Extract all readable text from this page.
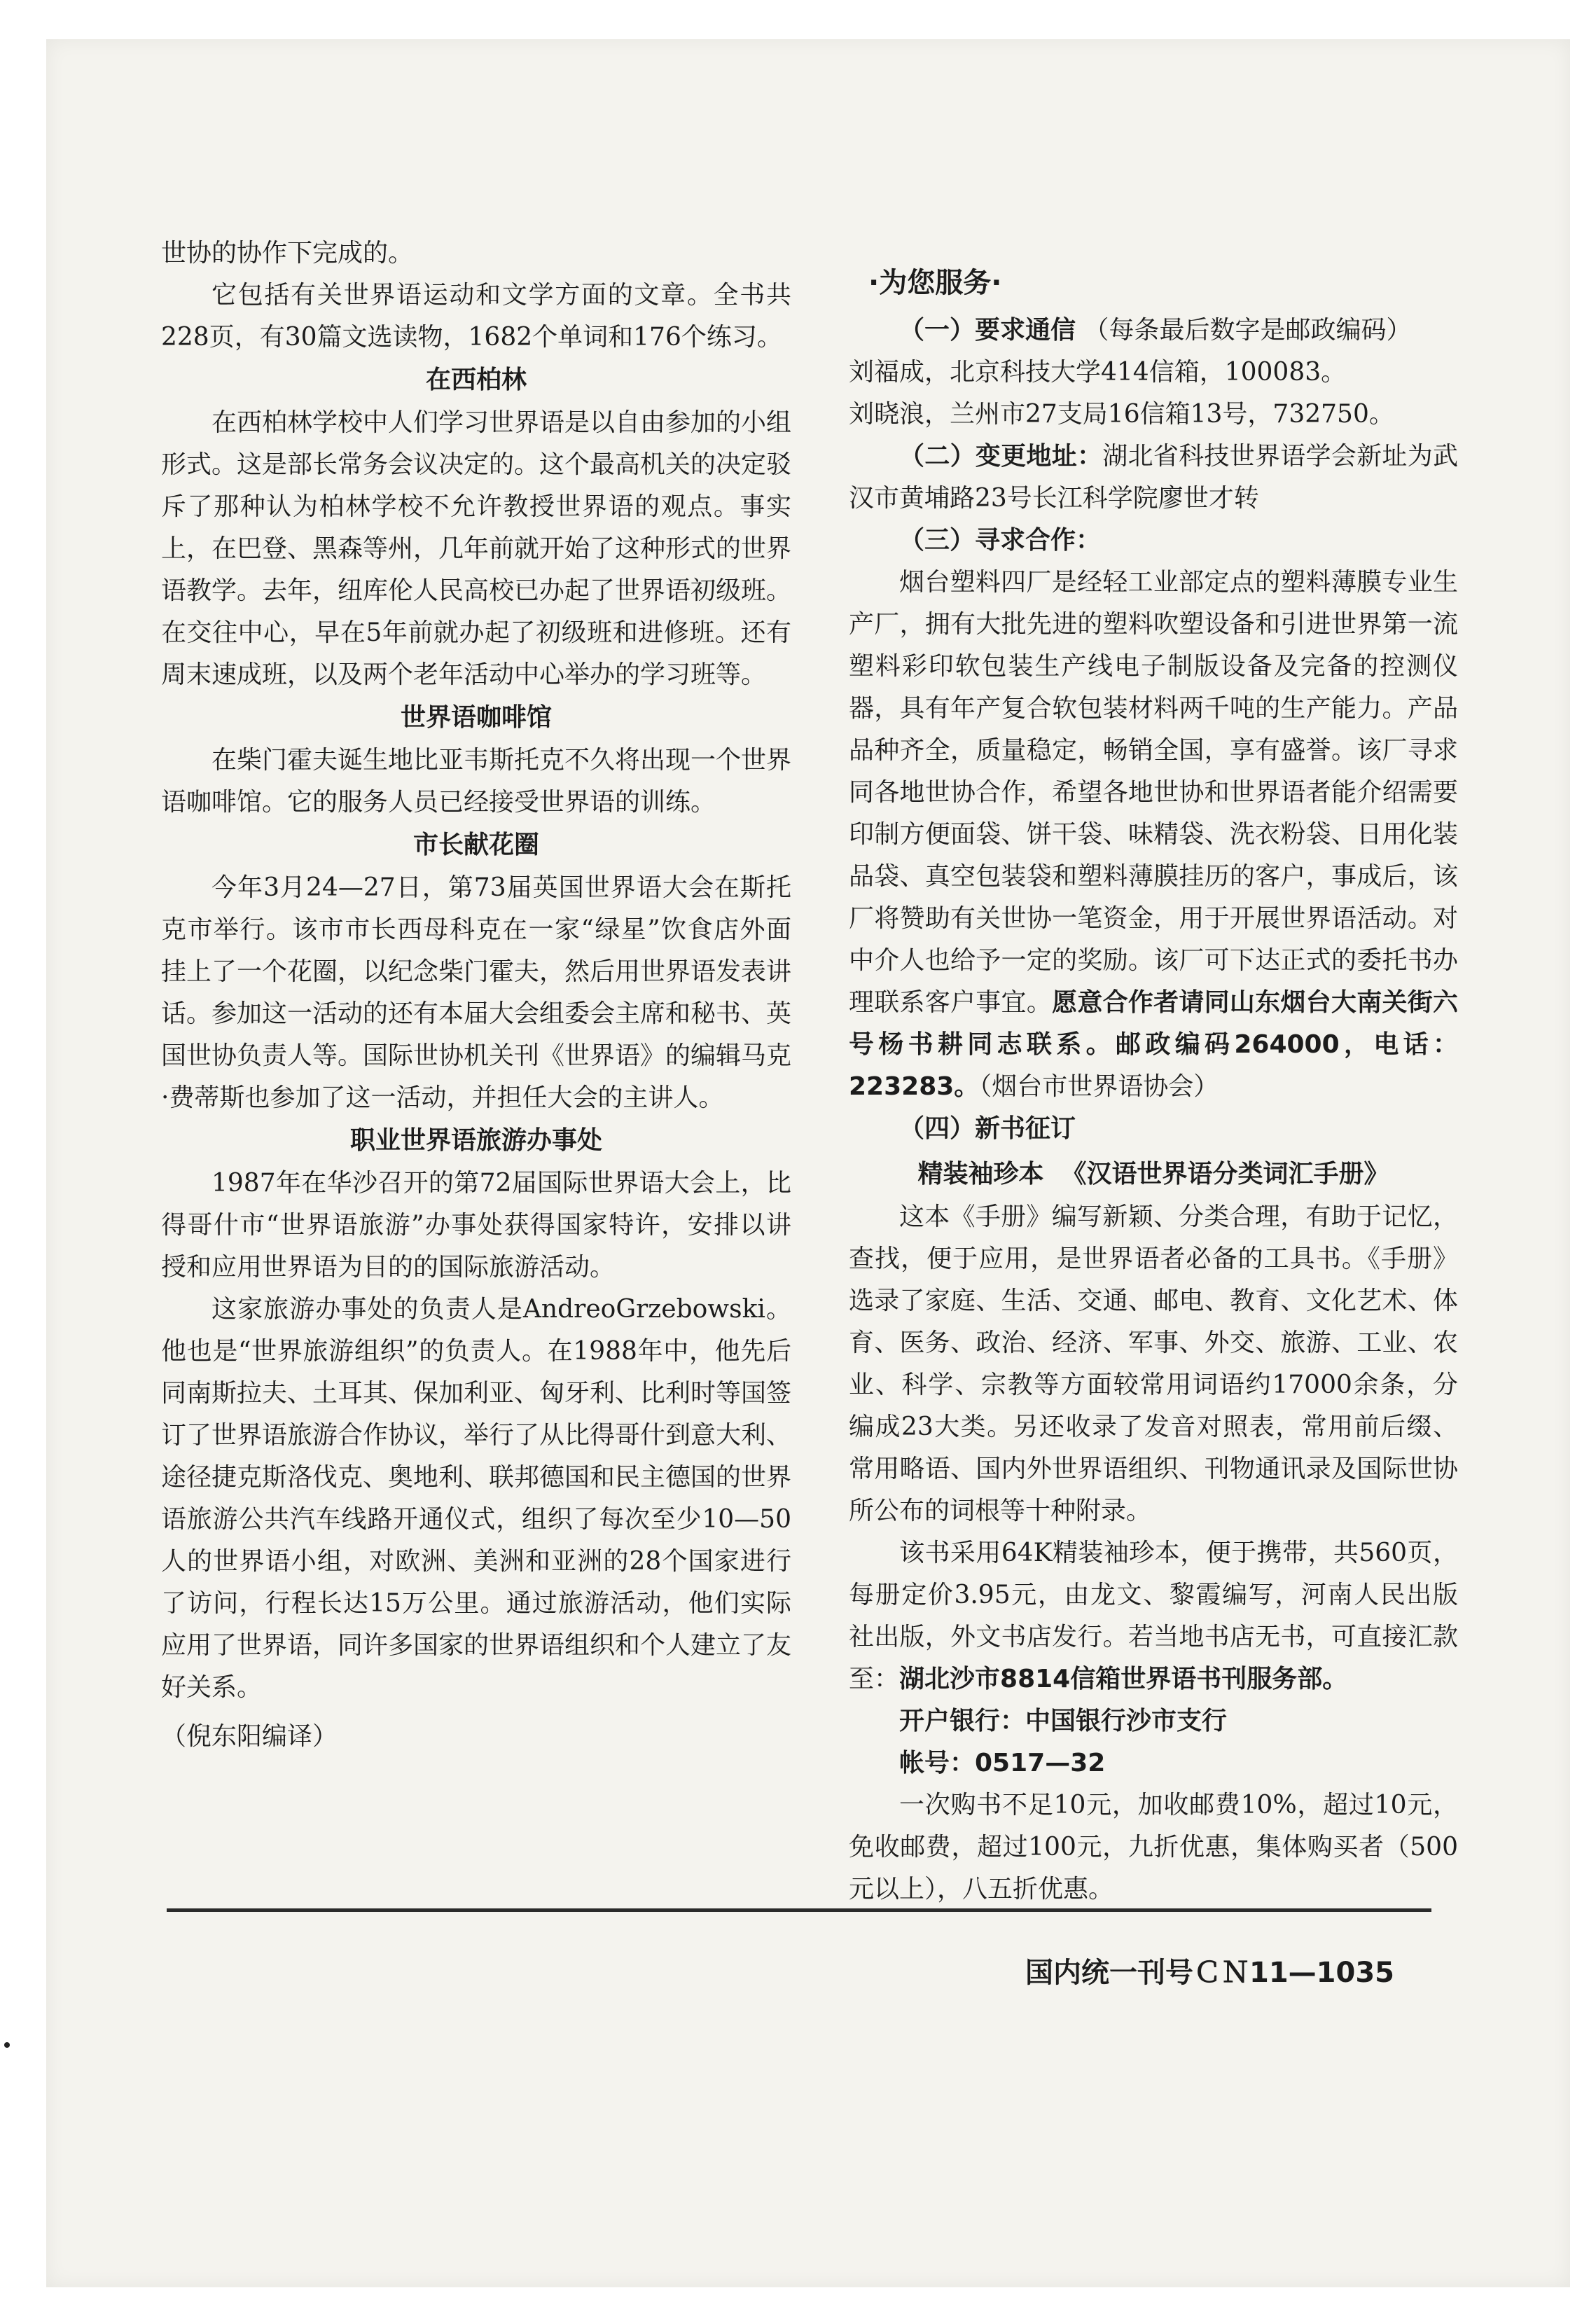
世协的协作下完成的。

它包括有关世界语运动和文学方面的文章。全书共228页，有30篇文选读物，1682个单词和176个练习。

在西柏林

在西柏林学校中人们学习世界语是以自由参加的小组形式。这是部长常务会议决定的。这个最高机关的决定驳斥了那种认为柏林学校不允许教授世界语的观点。事实上，在巴登、黑森等州，几年前就开始了这种形式的世界语教学。去年，纽库伦人民高校已办起了世界语初级班。在交往中心，早在5年前就办起了初级班和进修班。还有周末速成班，以及两个老年活动中心举办的学习班等。

世界语咖啡馆

在柴门霍夫诞生地比亚韦斯托克不久将出现一个世界语咖啡馆。它的服务人员已经接受世界语的训练。

市长献花圈

今年3月24—27日，第73届英国世界语大会在斯托克市举行。该市市长西母科克在一家“绿星”饮食店外面挂上了一个花圈，以纪念柴门霍夫，然后用世界语发表讲话。参加这一活动的还有本届大会组委会主席和秘书、英国世协负责人等。国际世协机关刊《世界语》的编辑马克·费蒂斯也参加了这一活动，并担任大会的主讲人。

职业世界语旅游办事处

1987年在华沙召开的第72届国际世界语大会上，比得哥什市“世界语旅游”办事处获得国家特许，安排以讲授和应用世界语为目的的国际旅游活动。

这家旅游办事处的负责人是AndreoGrzebowski。他也是“世界旅游组织”的负责人。在1988年中，他先后同南斯拉夫、土耳其、保加利亚、匈牙利、比利时等国签订了世界语旅游合作协议，举行了从比得哥什到意大利、途径捷克斯洛伐克、奥地利、联邦德国和民主德国的世界语旅游公共汽车线路开通仪式，组织了每次至少10—50人的世界语小组，对欧洲、美洲和亚洲的28个国家进行了访问，行程长达15万公里。通过旅游活动，他们实际应用了世界语，同许多国家的世界语组织和个人建立了友好关系。

（倪东阳编译）

·为您服务·

（一）要求通信 （每条最后数字是邮政编码）

刘福成，北京科技大学414信箱，100083。

刘晓浪，兰州市27支局16信箱13号，732750。

（二）变更地址：湖北省科技世界语学会新址为武汉市黄埔路23号长江科学院廖世才转

（三）寻求合作：

烟台塑料四厂是经轻工业部定点的塑料薄膜专业生产厂，拥有大批先进的塑料吹塑设备和引进世界第一流塑料彩印软包装生产线电子制版设备及完备的控测仪器，具有年产复合软包装材料两千吨的生产能力。产品品种齐全，质量稳定，畅销全国，享有盛誉。该厂寻求同各地世协合作，希望各地世协和世界语者能介绍需要印制方便面袋、饼干袋、味精袋、洗衣粉袋、日用化装品袋、真空包装袋和塑料薄膜挂历的客户，事成后，该厂将赞助有关世协一笔资金，用于开展世界语活动。对中介人也给予一定的奖励。该厂可下达正式的委托书办理联系客户事宜。愿意合作者请同山东烟台大南关街六号杨书耕同志联系。邮政编码264000，电话：223283。（烟台市世界语协会）

（四）新书征订

精装袖珍本 《汉语世界语分类词汇手册》

这本《手册》编写新颖、分类合理，有助于记忆，查找，便于应用，是世界语者必备的工具书。《手册》选录了家庭、生活、交通、邮电、教育、文化艺术、体育、医务、政治、经济、军事、外交、旅游、工业、农业、科学、宗教等方面较常用词语约17000余条，分编成23大类。另还收录了发音对照表，常用前后缀、常用略语、国内外世界语组织、刊物通讯录及国际世协所公布的词根等十种附录。

该书采用64K精装袖珍本，便于携带，共560页，每册定价3.95元，由龙文、黎霞编写，河南人民出版社出版，外文书店发行。若当地书店无书，可直接汇款至：湖北沙市8814信箱世界语书刊服务部。

开户银行：中国银行沙市支行

帐号：0517—32

一次购书不足10元，加收邮费10%，超过10元，免收邮费，超过100元，九折优惠，集体购买者（500元以上），八五折优惠。

国内统一刊号ＣＮ11—1035
